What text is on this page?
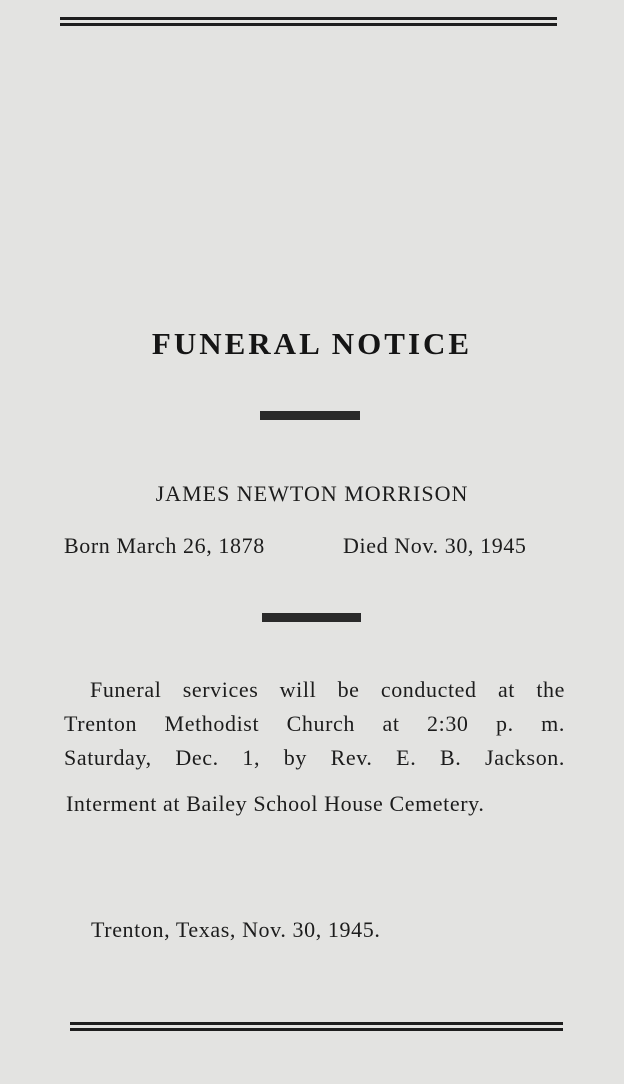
FUNERAL NOTICE
JAMES NEWTON MORRISON
Born March 26, 1878	Died Nov. 30, 1945
Funeral services will be conducted at the
Trenton Methodist Church at 2:30 p. m.
Saturday, Dec. 1, by Rev. E. B. Jackson.
Interment at Bailey School House Cemetery.
Trenton, Texas, Nov. 30, 1945.
